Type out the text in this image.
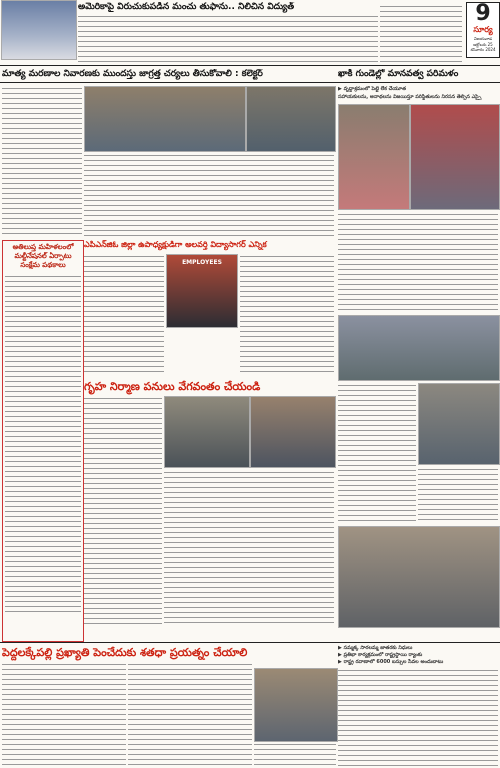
అమెరికాపై విరుచుకుపడిన మంచు తుఫాను.. నిలిచిన విద్యుత్	9
సూర్య
విజయవాడ
అక్టోబరు 25
శనివారం 2024
మాత్య మరణాల నివారణకు ముందస్తు జాగ్రత్త చర్యలు తీసుకోవాలి : కలెక్టర్	ఖాకీ గుండెల్లో మానవత్వ పరిమళం
అతిలుప్త మహిళలంలో మల్టీనేషనల్ ఏర్పాటు సంక్షేమ పథకాలు
ఎపిఎన్‌జిఓ జిల్లా ఉపాధ్యక్షుడిగా అలవర్తి విద్యాసాగర్ ఎన్నిక
EMPLOYEES
గృహ నిర్మాణ పనులు వేగవంతం చేయండి
▶ వృద్ధాశ్రమంలో పెట్టె లేక చేయూత
సహాయకులను, అనాథలను విజయిస్తూ పరిస్థితులను నిరసన తెల్పిన ఎస్సై
పెద్దలక్కేపల్లి ప్రఖ్యాతి పెంచేదుకు శతధా ప్రయత్నం చేయాలి	▶ సమ్మక్క సారలమ్మ జాతరకు నిధులు
▶ ప్రతిభా కార్యక్రమంలో రాష్ట్రస్థాయి ర్యాంకు
▶ రాష్ట్ర రవాణాలో 6000 బస్సుల సేవల అందుబాటు
